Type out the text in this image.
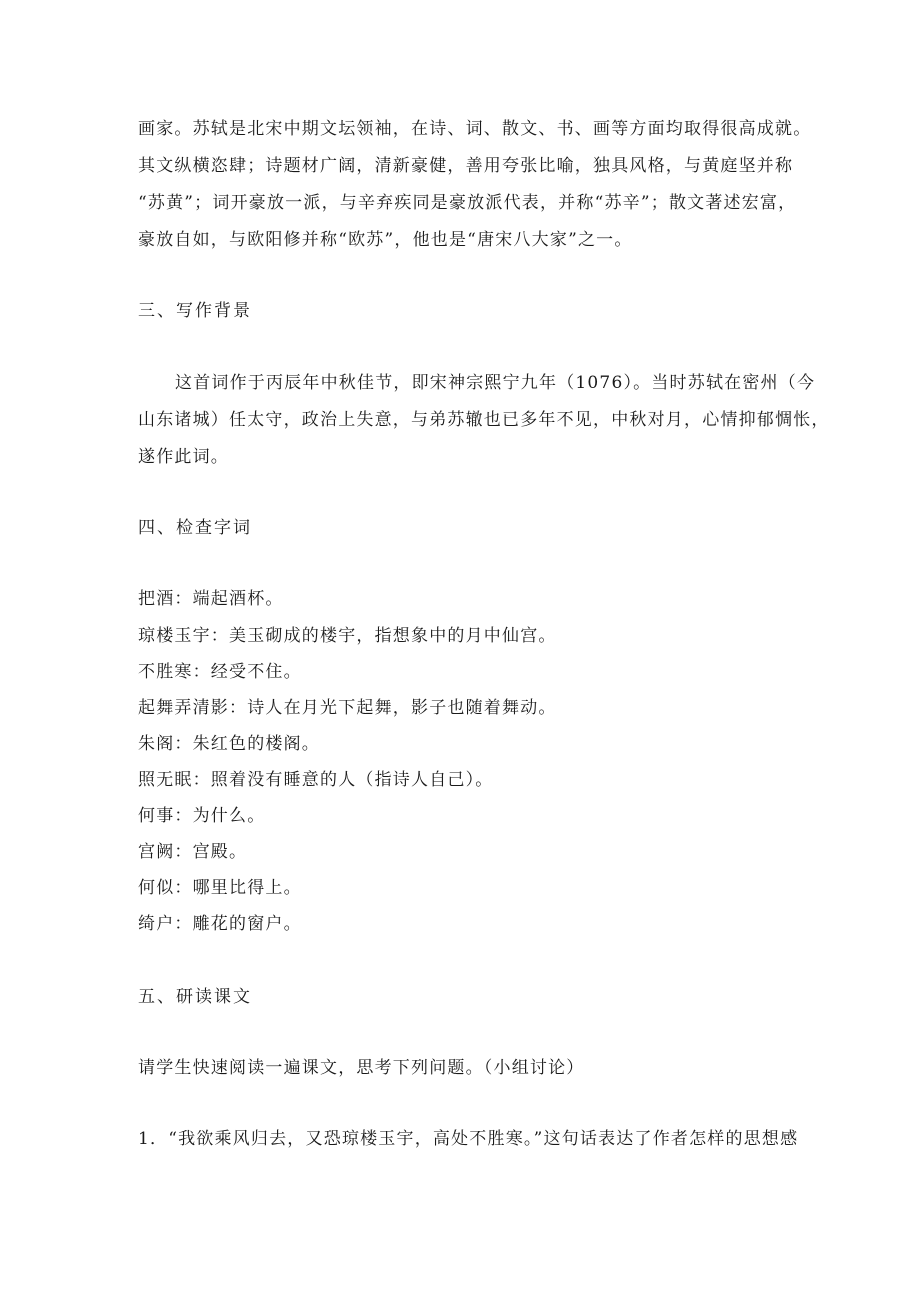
画家。苏轼是北宋中期文坛领袖，在诗、词、散文、书、画等方面均取得很高成就。
其文纵横恣肆；诗题材广阔，清新豪健，善用夸张比喻，独具风格，与黄庭坚并称
“苏黄”；词开豪放一派，与辛弃疾同是豪放派代表，并称“苏辛”；散文著述宏富，
豪放自如，与欧阳修并称“欧苏”，他也是“唐宋八大家”之一。
三、写作背景
这首词作于丙辰年中秋佳节，即宋神宗熙宁九年（1076）。当时苏轼在密州（今
山东诸城）任太守，政治上失意，与弟苏辙也已多年不见，中秋对月，心情抑郁惆怅，
遂作此词。
四、检查字词
把酒：端起酒杯。
琼楼玉宇：美玉砌成的楼宇，指想象中的月中仙宫。
不胜寒：经受不住。
起舞弄清影：诗人在月光下起舞，影子也随着舞动。
朱阁：朱红色的楼阁。
照无眠：照着没有睡意的人（指诗人自己）。
何事：为什么。
宫阙：宫殿。
何似：哪里比得上。
绮户：雕花的窗户。
五、研读课文
请学生快速阅读一遍课文，思考下列问题。（小组讨论）
1．“我欲乘风归去，又恐琼楼玉宇，高处不胜寒。”这句话表达了作者怎样的思想感
